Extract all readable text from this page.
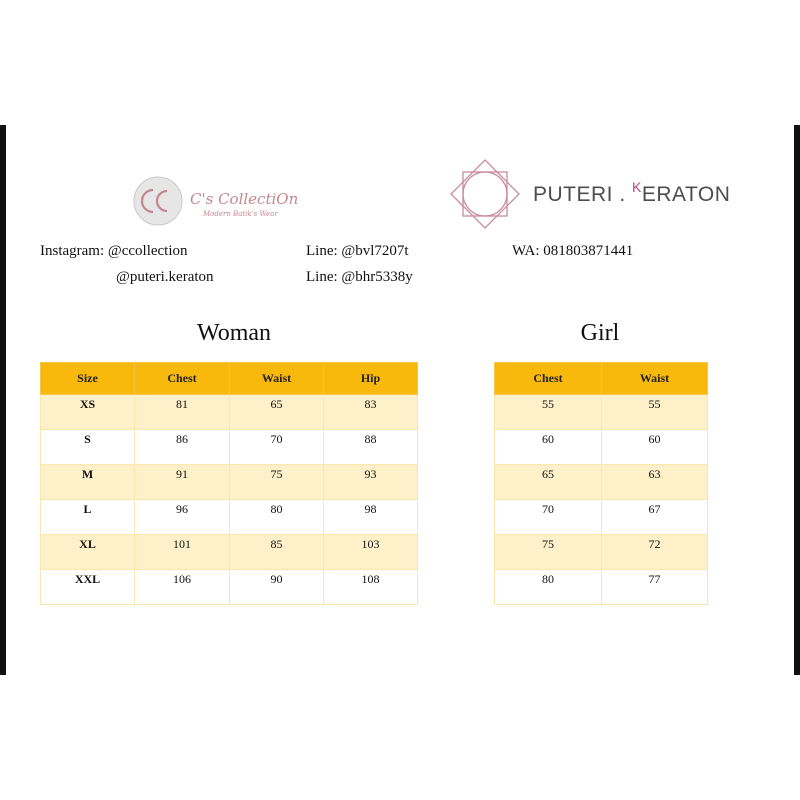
C's CollectiOn
Modern Batik's Wear
PUTERI . $^K$ERATON
Instagram: @ccollection
@puteri.keraton
Line: @bvl7207t
Line: @bhr5338y
WA: 081803871441
Woman	Girl
Size	Chest	Waist	Hip
XS	81	65	83
S	86	70	88
M	91	75	93
L	96	80	98
XL	101	85	103
XXL	106	90	108
Chest	Waist
55	55
60	60
65	63
70	67
75	72
80	77
